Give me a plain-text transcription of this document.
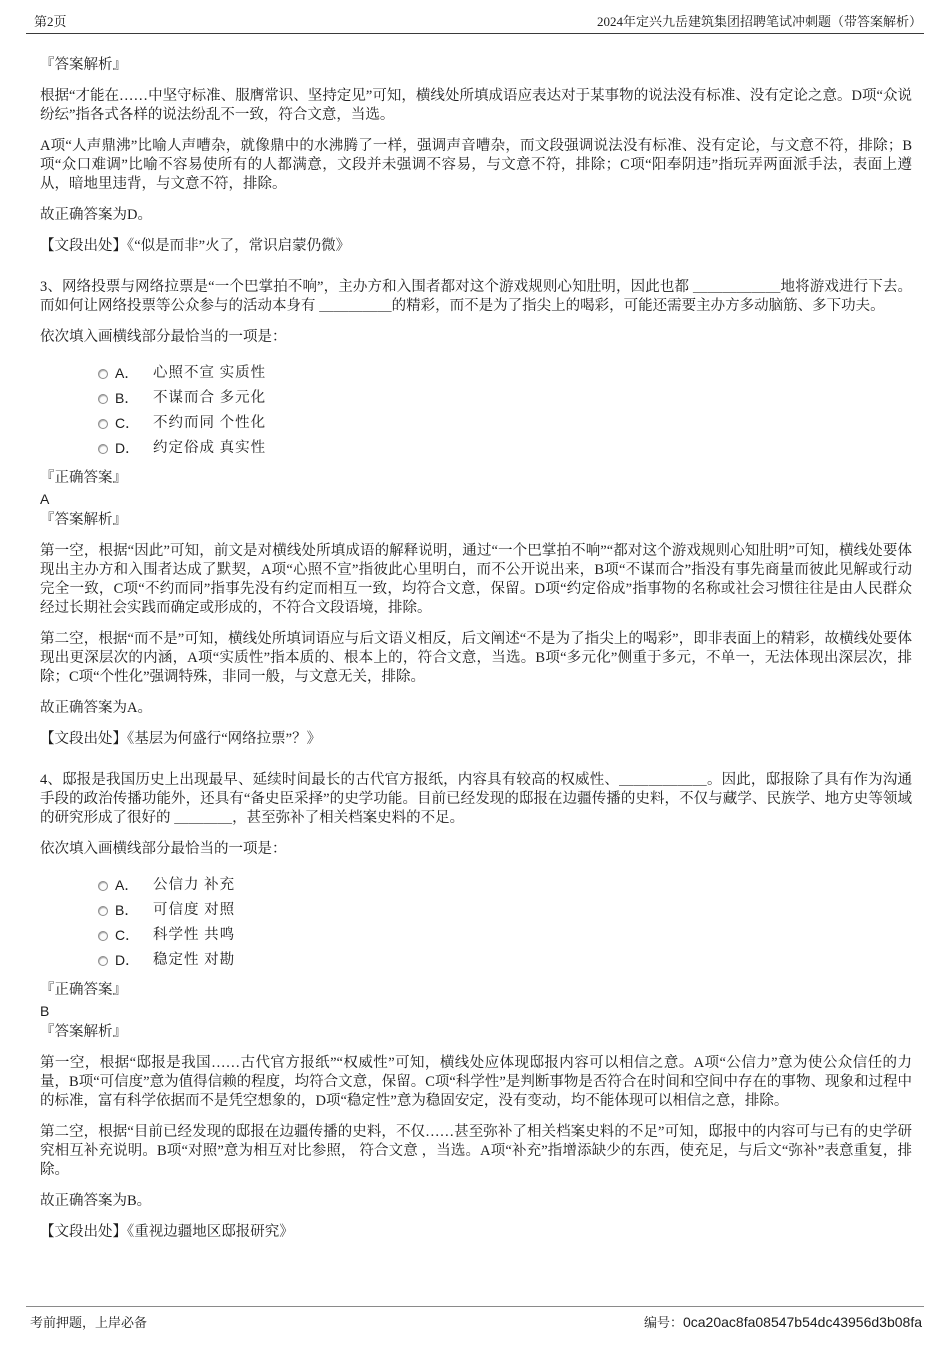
第2页	2024年定兴九岳建筑集团招聘笔试冲刺题（带答案解析）
『答案解析』
根据“才能在……中坚守标准、服膺常识、坚持定见”可知，横线处所填成语应表达对于某事物的说法没有标准、没有定论之意。D项“众说纷纭”指各式各样的说法纷乱不一致，符合文意，当选。
A项“人声鼎沸”比喻人声嘈杂，就像鼎中的水沸腾了一样，强调声音嘈杂，而文段强调说法没有标准、没有定论，与文意不符，排除；B项“众口难调”比喻不容易使所有的人都满意，文段并未强调不容易，与文意不符，排除；C项“阳奉阴违”指玩弄两面派手法，表面上遵从，暗地里违背，与文意不符，排除。
故正确答案为D。
【文段出处】《“似是而非”火了，常识启蒙仍微》
3、网络投票与网络拉票是“一个巴掌拍不响”，主办方和入围者都对这个游戏规则心知肚明，因此也都 ＿＿＿＿＿＿地将游戏进行下去。而如何让网络投票等公众参与的活动本身有 ＿＿＿＿＿的精彩，而不是为了指尖上的喝彩，可能还需要主办方多动脑筋、多下功夫。
依次填入画横线部分最恰当的一项是：
A． 心照不宣 实质性
B． 不谋而合 多元化
C． 不约而同 个性化
D． 约定俗成 真实性
『正确答案』
A
『答案解析』
第一空，根据“因此”可知，前文是对横线处所填成语的解释说明，通过“一个巴掌拍不响”“都对这个游戏规则心知肚明”可知，横线处要体现出主办方和入围者达成了默契，A项“心照不宣”指彼此心里明白，而不公开说出来，B项“不谋而合”指没有事先商量而彼此见解或行动完全一致，C项“不约而同”指事先没有约定而相互一致，均符合文意，保留。D项“约定俗成”指事物的名称或社会习惯往往是由人民群众经过长期社会实践而确定或形成的，不符合文段语境，排除。
第二空，根据“而不是”可知，横线处所填词语应与后文语义相反，后文阐述“不是为了指尖上的喝彩”，即非表面上的精彩，故横线处要体现出更深层次的内涵，A项“实质性”指本质的、根本上的，符合文意，当选。B项“多元化”侧重于多元，不单一，无法体现出深层次，排除；C项“个性化”强调特殊，非同一般，与文意无关，排除。
故正确答案为A。
【文段出处】《基层为何盛行“网络拉票”？》
4、邸报是我国历史上出现最早、延续时间最长的古代官方报纸，内容具有较高的权威性、＿＿＿＿＿＿。因此，邸报除了具有作为沟通手段的政治传播功能外，还具有“备史臣采择”的史学功能。目前已经发现的邸报在边疆传播的史料，不仅与藏学、民族学、地方史等领域的研究形成了很好的 ＿＿＿＿，甚至弥补了相关档案史料的不足。
依次填入画横线部分最恰当的一项是：
A． 公信力 补充
B． 可信度 对照
C． 科学性 共鸣
D． 稳定性 对勘
『正确答案』
B
『答案解析』
第一空，根据“邸报是我国……古代官方报纸”“权威性”可知，横线处应体现邸报内容可以相信之意。A项“公信力”意为使公众信任的力量，B项“可信度”意为值得信赖的程度，均符合文意，保留。C项“科学性”是判断事物是否符合在时间和空间中存在的事物、现象和过程中的标准，富有科学依据而不是凭空想象的，D项“稳定性”意为稳固安定，没有变动，均不能体现可以相信之意，排除。
第二空，根据“目前已经发现的邸报在边疆传播的史料，不仅……甚至弥补了相关档案史料的不足”可知，邸报中的内容可与已有的史学研究相互补充说明。B项“对照”意为相互对比参照， 符合文意 ，当选。A项“补充”指增添缺少的东西，使充足，与后文“弥补”表意重复，排除。
故正确答案为B。
【文段出处】《重视边疆地区邸报研究》
考前押题，上岸必备	编号：0ca20ac8fa08547b54dc43956d3b08fa
